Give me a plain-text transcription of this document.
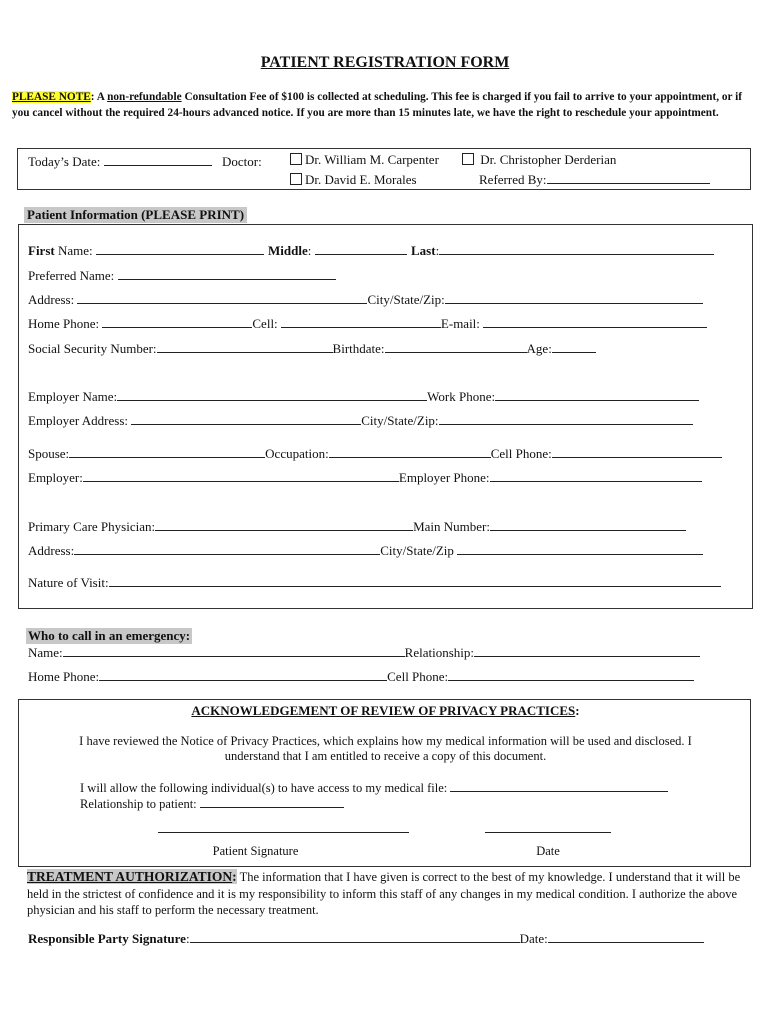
PATIENT REGISTRATION FORM
PLEASE NOTE: A non-refundable Consultation Fee of $100 is collected at scheduling. This fee is charged if you fail to arrive to your appointment, or if you cancel without the required 24-hours advanced notice. If you are more than 15 minutes late, we have the right to reschedule your appointment.
Today’s Date:	Doctor:	Dr. William M. Carpenter	Dr. Christopher Derderian
Dr. David E. Morales	Referred By:
Patient Information (PLEASE PRINT)
First Name:	Middle:	Last:
Preferred Name:
Address:	City/State/Zip:
Home Phone:	Cell:	E-mail:
Social Security Number:	Birthdate:	Age:
Employer Name:	Work Phone:
Employer Address:	City/State/Zip:
Spouse:	Occupation:	Cell Phone:
Employer:	Employer Phone:
Primary Care Physician:	Main Number:
Address:	City/State/Zip
Nature of Visit:
Who to call in an emergency:
Name:	Relationship:
Home Phone:	Cell Phone:
ACKNOWLEDGEMENT OF REVIEW OF PRIVACY PRACTICES:
I have reviewed the Notice of Privacy Practices, which explains how my medical information will be used and disclosed. I
understand that I am entitled to receive a copy of this document.
I will allow the following individual(s) to have access to my medical file:
Relationship to patient:
Patient Signature	Date
TREATMENT AUTHORIZATION: The information that I have given is correct to the best of my knowledge. I understand that it will be held in the strictest of confidence and it is my responsibility to inform this staff of any changes in my medical condition. I authorize the above physician and his staff to perform the necessary treatment.
Responsible Party Signature:	Date:
